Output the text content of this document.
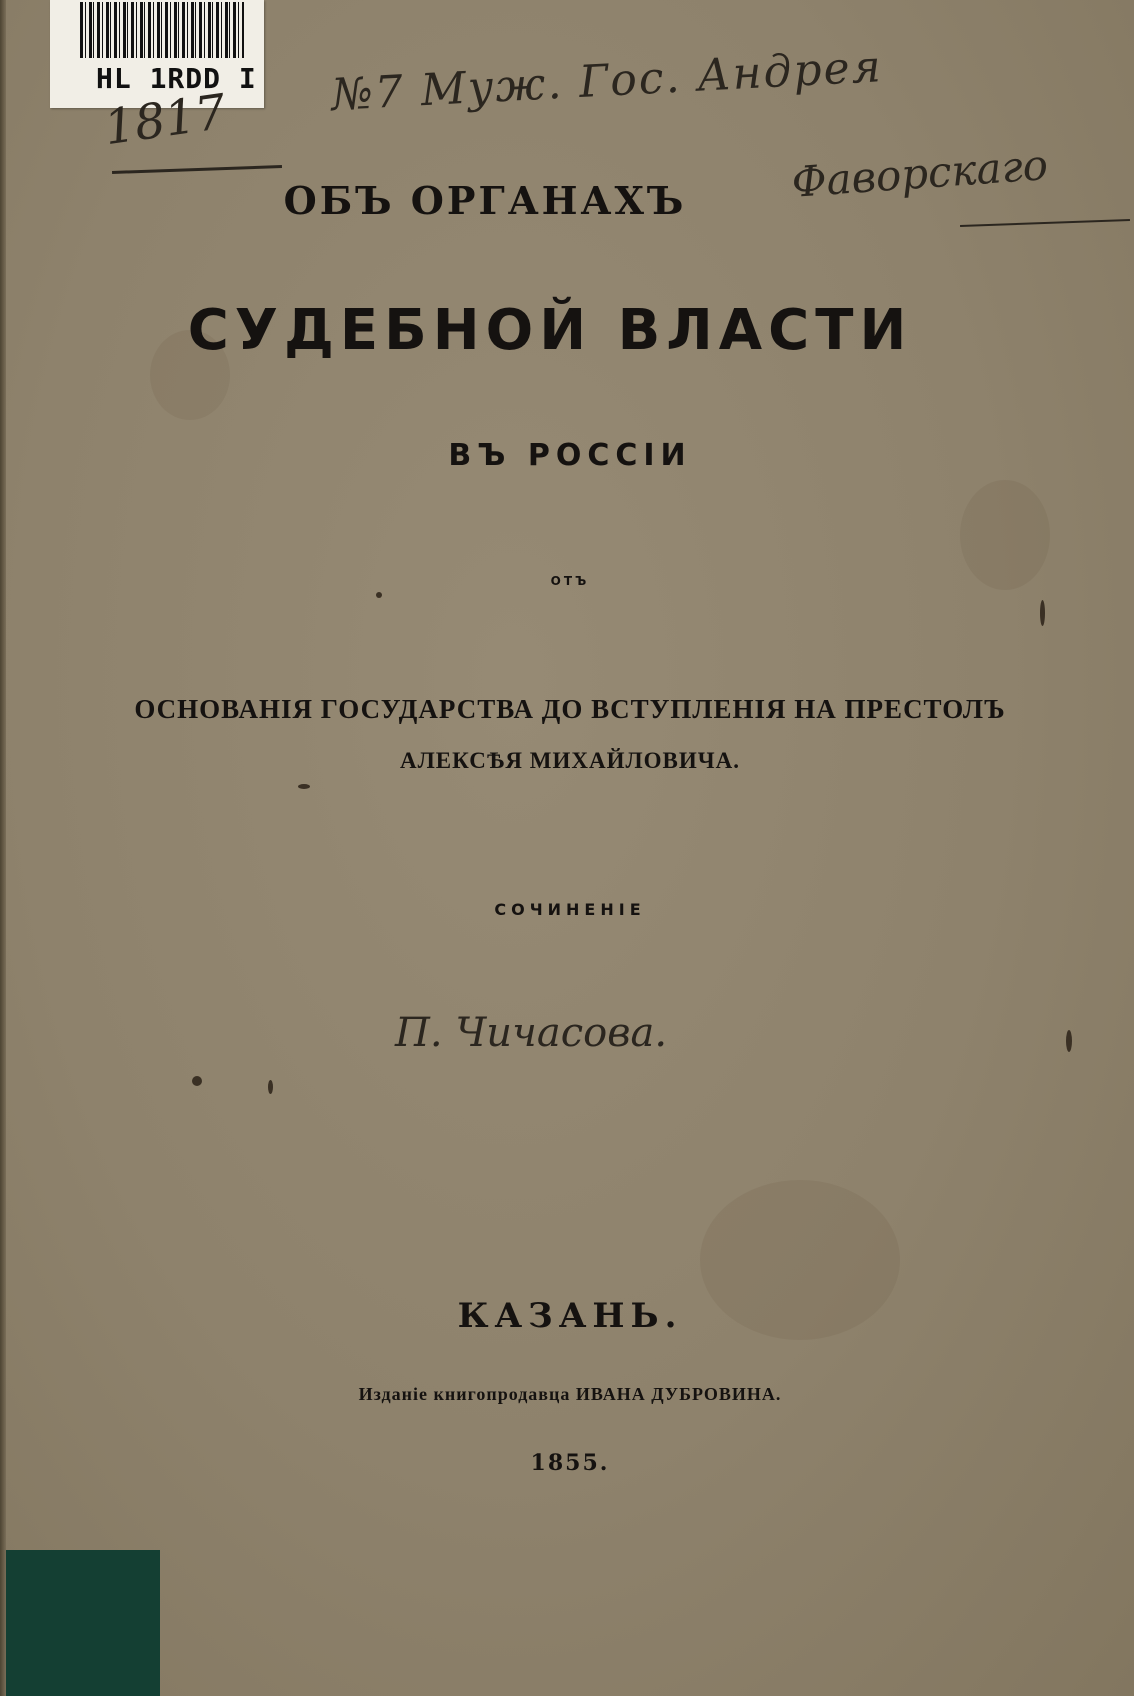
HL 1RDD I
1817 №7 Муж. Гос. Андрея
Фаворскаго
ОБЪ ОРГАНАХЪ
СУДЕБНОЙ ВЛАСТИ
ВЪ РОССІИ
ОТЪ
ОСНОВАНІЯ ГОСУДАРСТВА ДО ВСТУПЛЕНІЯ НА ПРЕСТОЛЪ
АЛЕКСѢЯ МИХАЙЛОВИЧА.
СОЧИНЕНІЕ
П. Чичасова.
КАЗАНЬ.
Изданіе книгопродавца ИВАНА ДУБРОВИНА.
1855.
